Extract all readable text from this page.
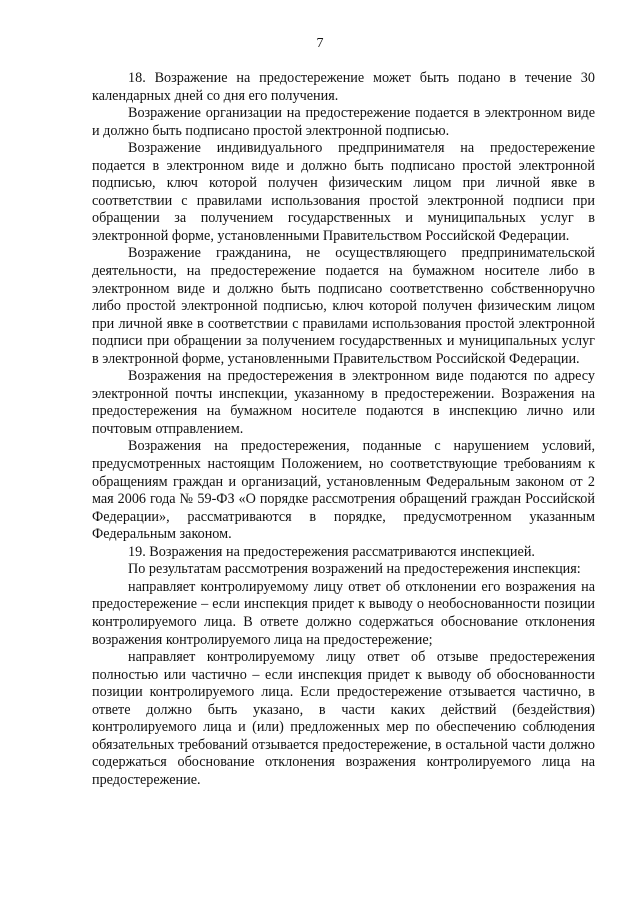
7

18. Возражение на предостережение может быть подано в течение 30 календарных дней со дня его получения.

Возражение организации на предостережение подается в электронном виде и должно быть подписано простой электронной подписью.

Возражение индивидуального предпринимателя на предостережение подается в электронном виде и должно быть подписано простой электронной подписью, ключ которой получен физическим лицом при личной явке в соответствии с правилами использования простой электронной подписи при обращении за получением государственных и муниципальных услуг в электронной форме, установленными Правительством Российской Федерации.

Возражение гражданина, не осуществляющего предпринимательской деятельности, на предостережение подается на бумажном носителе либо в электронном виде и должно быть подписано соответственно собственноручно либо простой электронной подписью, ключ которой получен физическим лицом при личной явке в соответствии с правилами использования простой электронной подписи при обращении за получением государственных и муниципальных услуг в электронной форме, установленными Правительством Российской Федерации.

Возражения на предостережения в электронном виде подаются по адресу электронной почты инспекции, указанному в предостережении. Возражения на предостережения на бумажном носителе подаются в инспекцию лично или почтовым отправлением.

Возражения на предостережения, поданные с нарушением условий, предусмотренных настоящим Положением, но соответствующие требованиям к обращениям граждан и организаций, установленным Федеральным законом от 2 мая 2006 года № 59-ФЗ «О порядке рассмотрения обращений граждан Российской Федерации», рассматриваются в порядке, предусмотренном указанным Федеральным законом.

19. Возражения на предостережения рассматриваются инспекцией.

По результатам рассмотрения возражений на предостережения инспекция:

направляет контролируемому лицу ответ об отклонении его возражения на предостережение – если инспекция придет к выводу о необоснованности позиции контролируемого лица. В ответе должно содержаться обоснование отклонения возражения контролируемого лица на предостережение;

направляет контролируемому лицу ответ об отзыве предостережения полностью или частично – если инспекция придет к выводу об обоснованности позиции контролируемого лица. Если предостережение отзывается частично, в ответе должно быть указано, в части каких действий (бездействия) контролируемого лица и (или) предложенных мер по обеспечению соблюдения обязательных требований отзывается предостережение, в остальной части должно содержаться обоснование отклонения возражения контролируемого лица на предостережение.
